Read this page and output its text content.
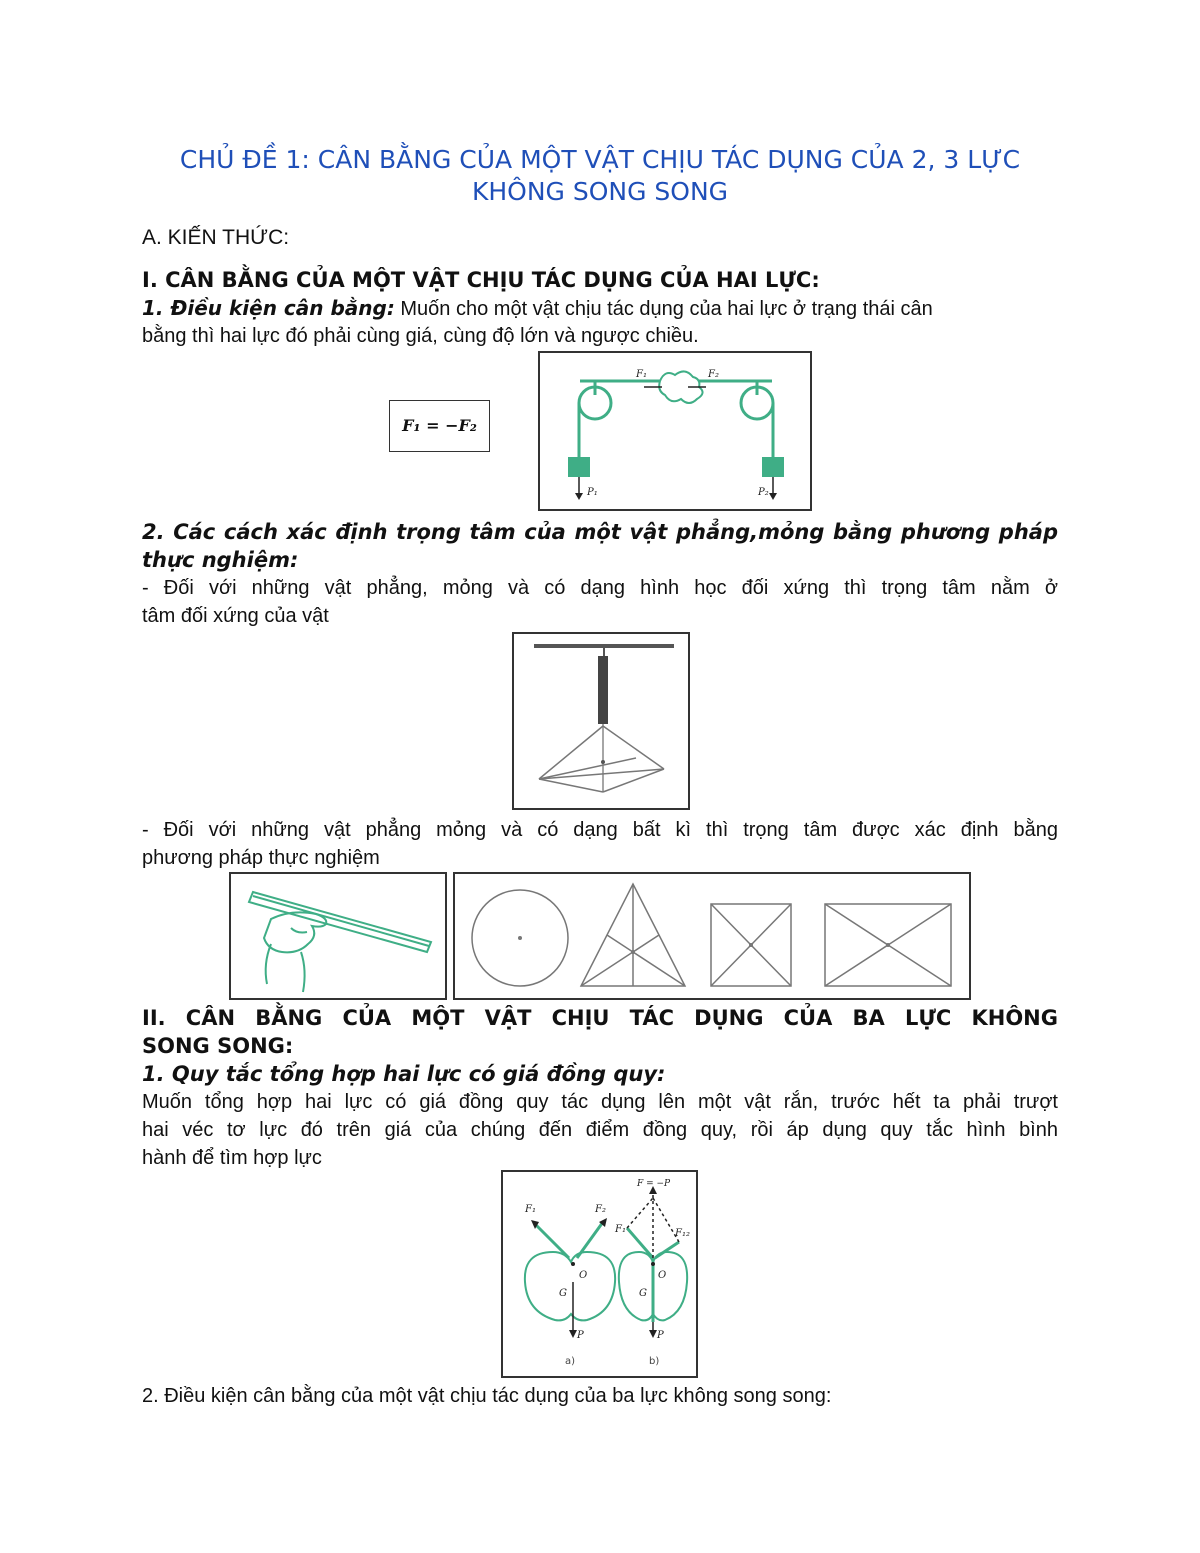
CHỦ ĐỀ 1: CÂN BẰNG CỦA MỘT VẬT CHỊU TÁC DỤNG CỦA 2, 3 LỰC
KHÔNG SONG SONG
A. KIẾN THỨC:
I. CÂN BẰNG CỦA MỘT VẬT CHỊU TÁC DỤNG CỦA HAI LỰC:
1. Điều kiện cân bằng: Muốn cho một vật chịu tác dụng của hai lực ở trạng thái cân
bằng thì hai lực đó phải cùng giá, cùng độ lớn và ngược chiều.
F₁ = −F₂
F₁	F₂
P₁	P₂
2. Các cách xác định trọng tâm của một vật phẳng,mỏng bằng phương pháp
thực nghiệm:
- Đối với những vật phẳng, mỏng và có dạng hình học đối xứng thì trọng tâm nằm ở
tâm đối xứng của vật
- Đối với những vật phẳng mỏng và có dạng bất kì thì trọng tâm được xác định bằng
phương pháp thực nghiệm
II. CÂN BẰNG CỦA MỘT VẬT CHỊU TÁC DỤNG CỦA BA LỰC KHÔNG
SONG SONG:
1. Quy tắc tổng hợp hai lực có giá đồng quy:
Muốn tổng hợp hai lực có giá đồng quy tác dụng lên một vật rắn, trước hết ta phải trượt
hai véc tơ lực đó trên giá của chúng đến điểm đồng quy, rồi áp dụng quy tắc hình bình
hành để tìm hợp lực
F₁	F₂
F₁	F₁₂
F = −P
O	O
G	G
P	P
a)	b)
2. Điều kiện cân bằng của một vật chịu tác dụng của ba lực không song song:
